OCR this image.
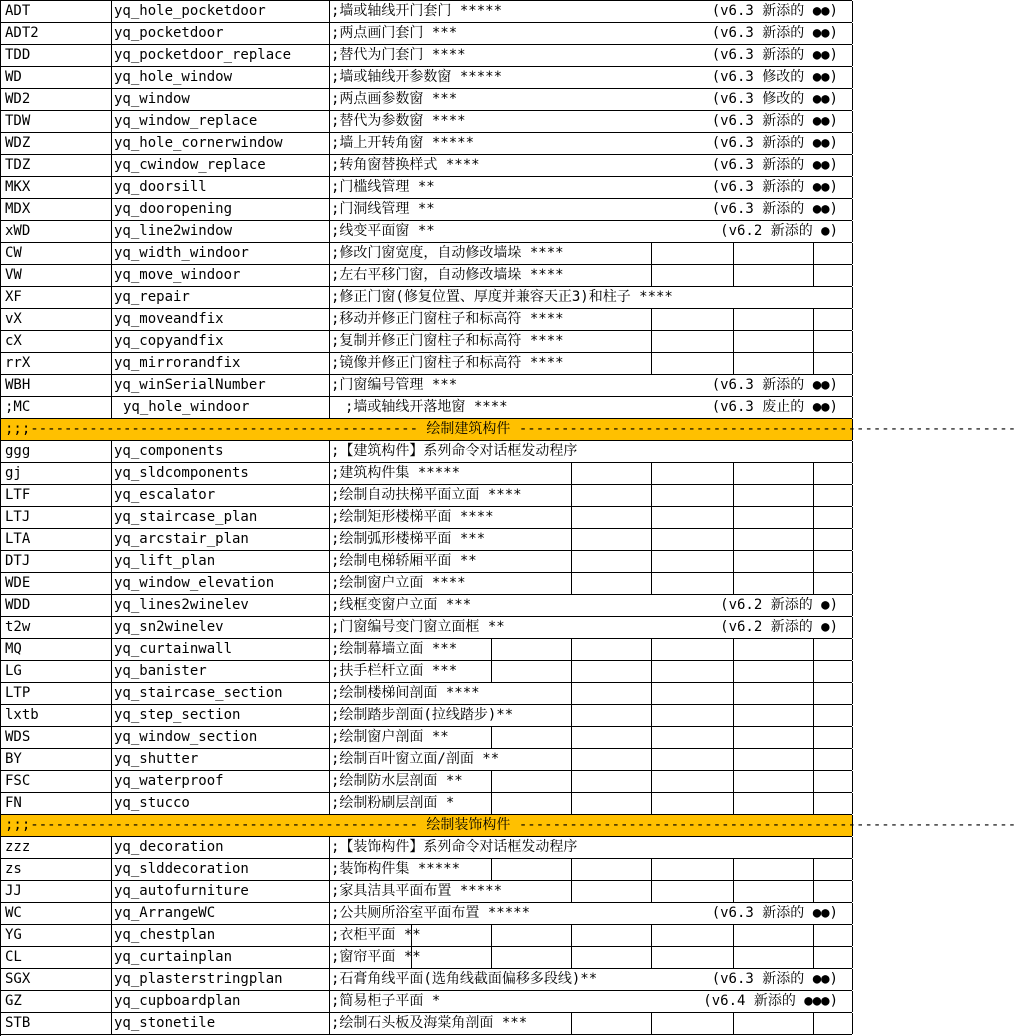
ADT	yq_hole_pocketdoor	;墙或轴线开门套门 *****	(v6.3 新添的 ●●)
ADT2	yq_pocketdoor	;两点画门套门 ***	(v6.3 新添的 ●●)
TDD	yq_pocketdoor_replace	;替代为门套门 ****	(v6.3 新添的 ●●)
WD	yq_hole_window	;墙或轴线开参数窗 *****	(v6.3 修改的 ●●)
WD2	yq_window	;两点画参数窗 ***	(v6.3 修改的 ●●)
TDW	yq_window_replace	;替代为参数窗 ****	(v6.3 新添的 ●●)
WDZ	yq_hole_cornerwindow	;墙上开转角窗 *****	(v6.3 新添的 ●●)
TDZ	yq_cwindow_replace	;转角窗替换样式 ****	(v6.3 新添的 ●●)
MKX	yq_doorsill	;门槛线管理 **	(v6.3 新添的 ●●)
MDX	yq_dooropening	;门洞线管理 **	(v6.3 新添的 ●●)
xWD	yq_line2window	;线变平面窗 **	(v6.2 新添的 ●)
CW	yq_width_windoor	;修改门窗宽度，自动修改墙垛 ****
VW	yq_move_windoor	;左右平移门窗，自动修改墙垛 ****
XF	yq_repair	;修正门窗(修复位置、厚度并兼容天正3)和柱子 ****
vX	yq_moveandfix	;移动并修正门窗柱子和标高符 ****
cX	yq_copyandfix	;复制并修正门窗柱子和标高符 ****
rrX	yq_mirrorandfix	;镜像并修正门窗柱子和标高符 ****
WBH	yq_winSerialNumber	;门窗编号管理 ***	(v6.3 新添的 ●●)
;MC	yq_hole_windoor	;墙或轴线开落地窗 ****	(v6.3 废止的 ●●)
;;;---------------------------------------------- 绘制建筑构件 -----------------------------------------------------------
ggg	yq_components	;【建筑构件】系列命令对话框发动程序
gj	yq_sldcomponents	;建筑构件集 *****
LTF	yq_escalator	;绘制自动扶梯平面立面 ****
LTJ	yq_staircase_plan	;绘制矩形楼梯平面 ****
LTA	yq_arcstair_plan	;绘制弧形楼梯平面 ***
DTJ	yq_lift_plan	;绘制电梯轿厢平面 **
WDE	yq_window_elevation	;绘制窗户立面 ****
WDD	yq_lines2winelev	;线框变窗户立面 ***	(v6.2 新添的 ●)
t2w	yq_sn2winelev	;门窗编号变门窗立面框 **	(v6.2 新添的 ●)
MQ	yq_curtainwall	;绘制幕墙立面 ***
LG	yq_banister	;扶手栏杆立面 ***
LTP	yq_staircase_section	;绘制楼梯间剖面 ****
lxtb	yq_step_section	;绘制踏步剖面(拉线踏步)**
WDS	yq_window_section	;绘制窗户剖面 **
BY	yq_shutter	;绘制百叶窗立面/剖面 **
FSC	yq_waterproof	;绘制防水层剖面 **
FN	yq_stucco	;绘制粉刷层剖面 *
;;;---------------------------------------------- 绘制装饰构件 -----------------------------------------------------------
zzz	yq_decoration	;【装饰构件】系列命令对话框发动程序
zs	yq_slddecoration	;装饰构件集 *****
JJ	yq_autofurniture	;家具洁具平面布置 *****
WC	yq_ArrangeWC	;公共厕所浴室平面布置 *****	(v6.3 新添的 ●●)
YG	yq_chestplan	;衣柜平面 **
CL	yq_curtainplan	;窗帘平面 **
SGX	yq_plasterstringplan	;石膏角线平面(选角线截面偏移多段线)**	(v6.3 新添的 ●●)
GZ	yq_cupboardplan	;简易柜子平面 *	(v6.4 新添的 ●●●)
STB	yq_stonetile	;绘制石头板及海棠角剖面 ***
